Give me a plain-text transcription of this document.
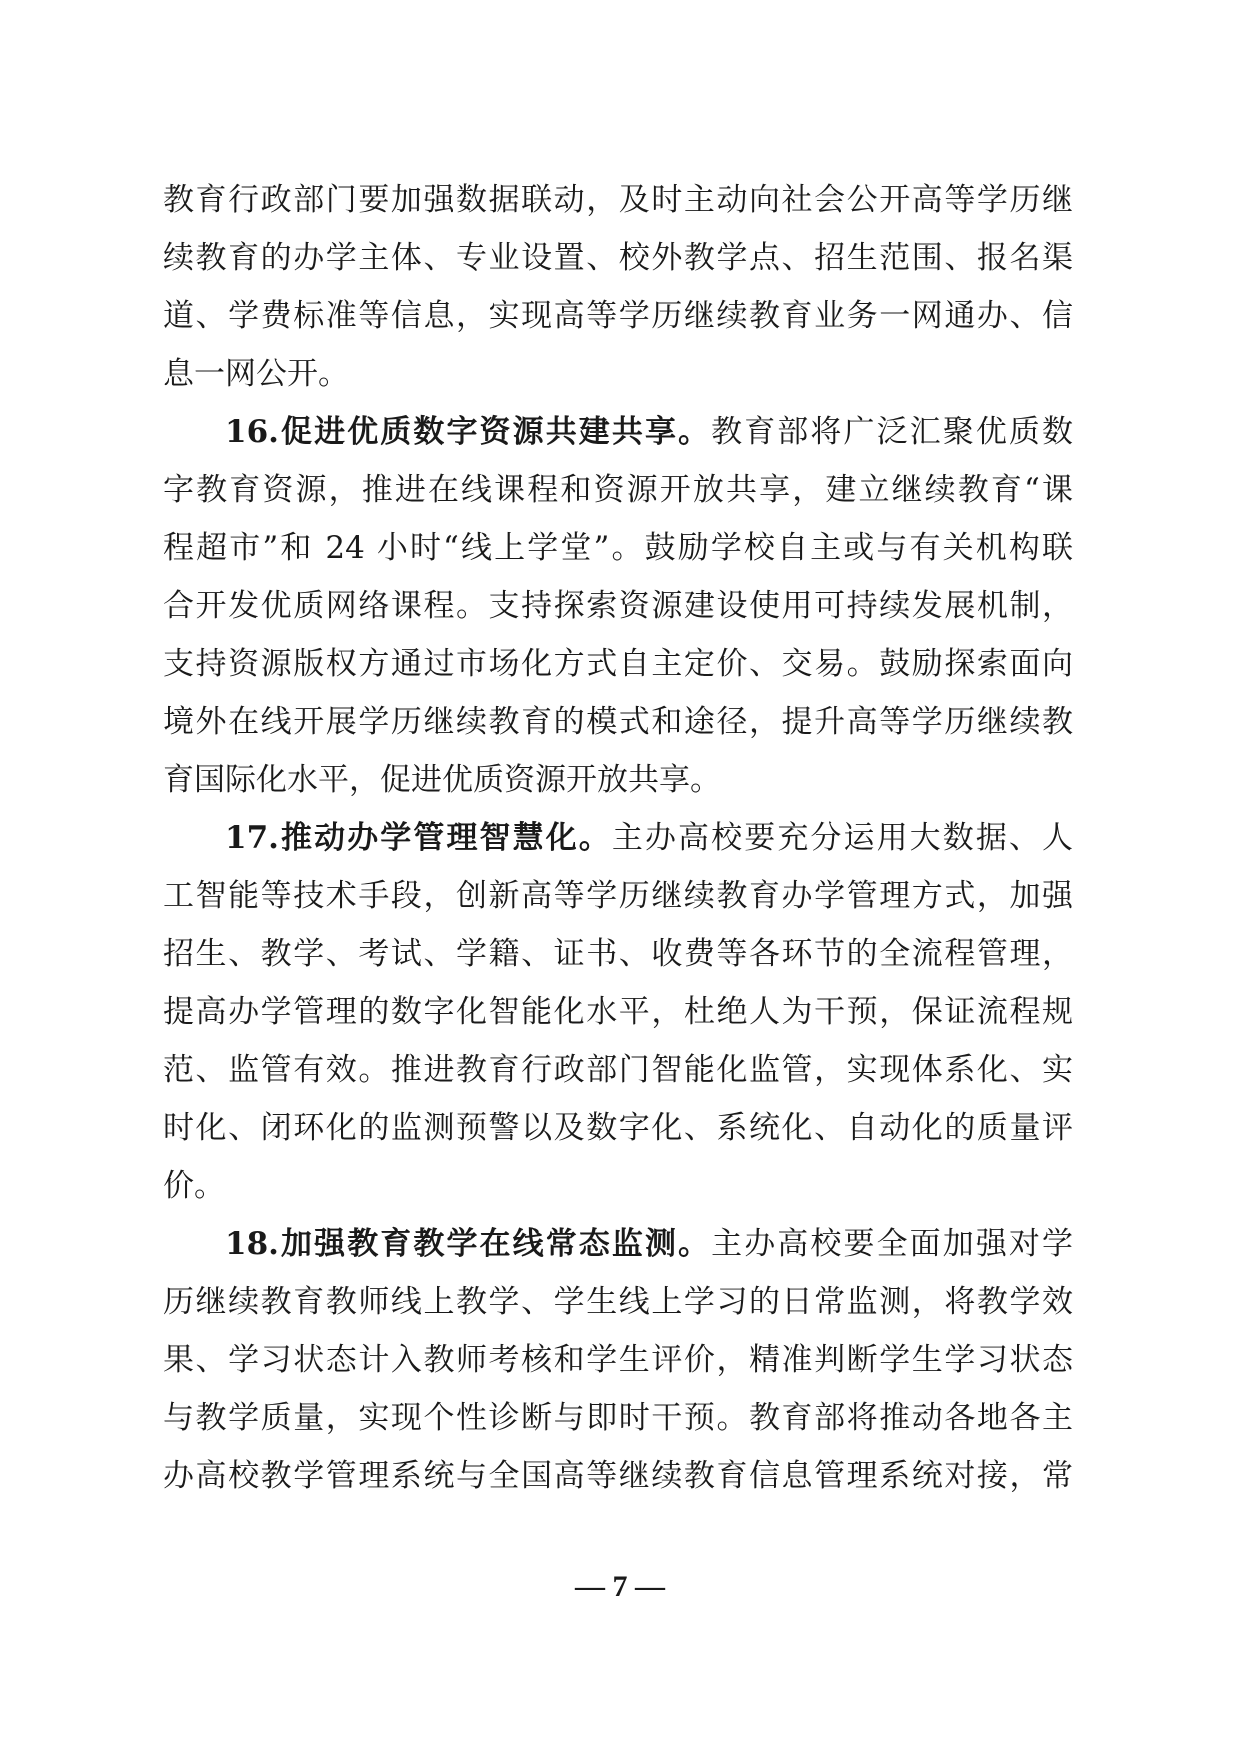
教育行政部门要加强数据联动，及时主动向社会公开高等学历继
续教育的办学主体、专业设置、校外教学点、招生范围、报名渠
道、学费标准等信息，实现高等学历继续教育业务一网通办、信
息一网公开。
16.促进优质数字资源共建共享。教育部将广泛汇聚优质数
字教育资源，推进在线课程和资源开放共享，建立继续教育“课
程超市”和 24 小时“线上学堂”。鼓励学校自主或与有关机构联
合开发优质网络课程。支持探索资源建设使用可持续发展机制，
支持资源版权方通过市场化方式自主定价、交易。鼓励探索面向
境外在线开展学历继续教育的模式和途径，提升高等学历继续教
育国际化水平，促进优质资源开放共享。
17.推动办学管理智慧化。主办高校要充分运用大数据、人
工智能等技术手段，创新高等学历继续教育办学管理方式，加强
招生、教学、考试、学籍、证书、收费等各环节的全流程管理，
提高办学管理的数字化智能化水平，杜绝人为干预，保证流程规
范、监管有效。推进教育行政部门智能化监管，实现体系化、实
时化、闭环化的监测预警以及数字化、系统化、自动化的质量评
价。
18.加强教育教学在线常态监测。主办高校要全面加强对学
历继续教育教师线上教学、学生线上学习的日常监测，将教学效
果、学习状态计入教师考核和学生评价，精准判断学生学习状态
与教学质量，实现个性诊断与即时干预。教育部将推动各地各主
办高校教学管理系统与全国高等继续教育信息管理系统对接，常
— 7 —
